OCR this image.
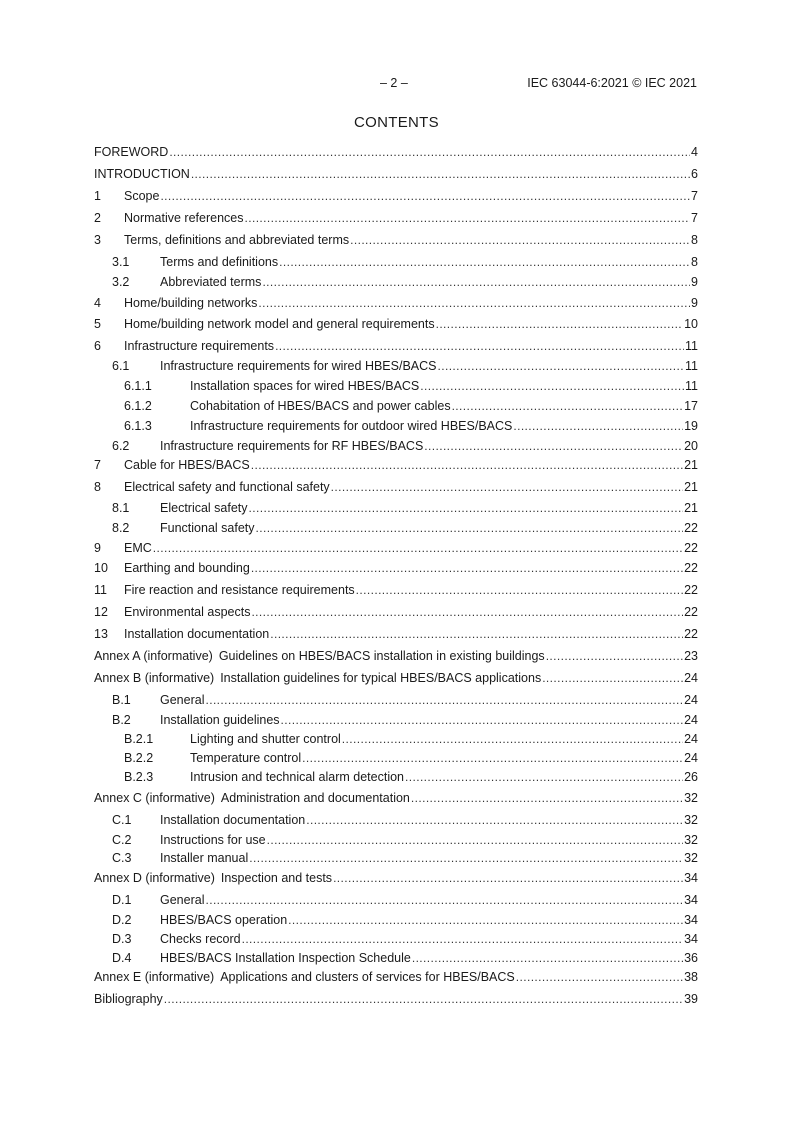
– 2 –	IEC 63044-6:2021 © IEC 2021
CONTENTS
FOREWORD .....	4
INTRODUCTION .....	6
1	Scope .....	7
2	Normative references .....	7
3	Terms, definitions and abbreviated terms .....	8
3.1	Terms and definitions .....	8
3.2	Abbreviated terms .....	9
4	Home/building networks .....	9
5	Home/building network model and general requirements .....	10
6	Infrastructure requirements .....	11
6.1	Infrastructure requirements for wired HBES/BACS .....	11
6.1.1	Installation spaces for wired HBES/BACS .....	11
6.1.2	Cohabitation of HBES/BACS and power cables .....	17
6.1.3	Infrastructure requirements for outdoor wired HBES/BACS .....	19
6.2	Infrastructure requirements for RF HBES/BACS .....	20
7	Cable for HBES/BACS .....	21
8	Electrical safety and functional safety .....	21
8.1	Electrical safety .....	21
8.2	Functional safety .....	22
9	EMC .....	22
10	Earthing and bounding .....	22
11	Fire reaction and resistance requirements .....	22
12	Environmental aspects .....	22
13	Installation documentation .....	22
Annex A (informative) Guidelines on HBES/BACS installation in existing buildings .....	23
Annex B (informative) Installation guidelines for typical HBES/BACS applications .....	24
B.1	General .....	24
B.2	Installation guidelines .....	24
B.2.1	Lighting and shutter control .....	24
B.2.2	Temperature control .....	24
B.2.3	Intrusion and technical alarm detection .....	26
Annex C (informative) Administration and documentation .....	32
C.1	Installation documentation .....	32
C.2	Instructions for use .....	32
C.3	Installer manual .....	32
Annex D (informative) Inspection and tests .....	34
D.1	General .....	34
D.2	HBES/BACS operation .....	34
D.3	Checks record .....	34
D.4	HBES/BACS Installation Inspection Schedule .....	36
Annex E (informative) Applications and clusters of services for HBES/BACS .....	38
Bibliography .....	39
